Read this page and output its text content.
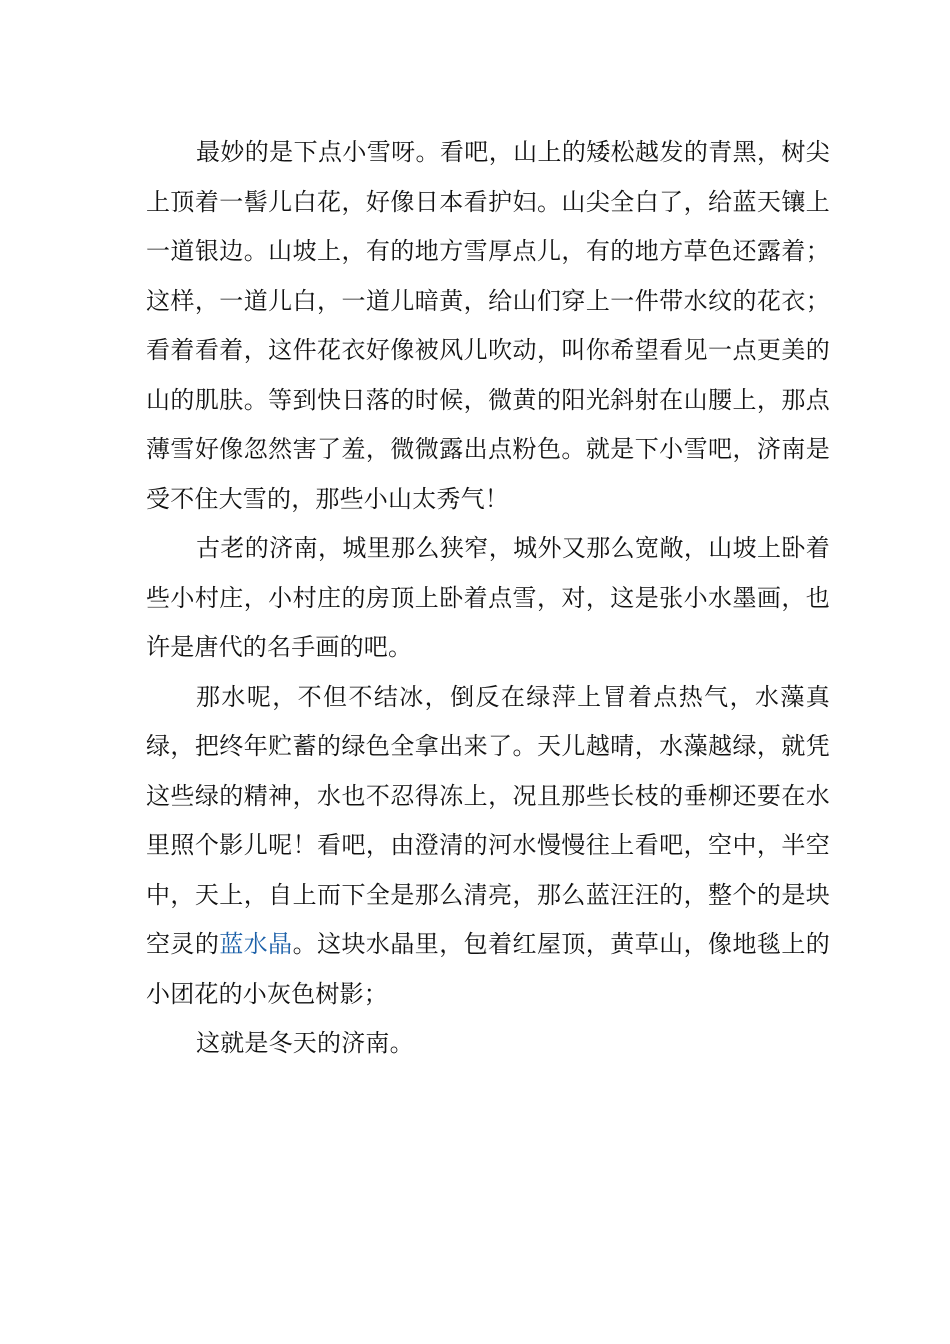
最妙的是下点小雪呀。看吧，山上的矮松越发的青黑，树尖上顶着一髻儿白花，好像日本看护妇。山尖全白了，给蓝天镶上一道银边。山坡上，有的地方雪厚点儿，有的地方草色还露着；这样，一道儿白，一道儿暗黄，给山们穿上一件带水纹的花衣；看着看着，这件花衣好像被风儿吹动，叫你希望看见一点更美的山的肌肤。等到快日落的时候，微黄的阳光斜射在山腰上，那点薄雪好像忽然害了羞，微微露出点粉色。就是下小雪吧，济南是受不住大雪的，那些小山太秀气！

古老的济南，城里那么狭窄，城外又那么宽敞，山坡上卧着些小村庄，小村庄的房顶上卧着点雪，对，这是张小水墨画，也许是唐代的名手画的吧。

那水呢，不但不结冰，倒反在绿萍上冒着点热气，水藻真绿，把终年贮蓄的绿色全拿出来了。天儿越晴，水藻越绿，就凭这些绿的精神，水也不忍得冻上，况且那些长枝的垂柳还要在水里照个影儿呢！看吧，由澄清的河水慢慢往上看吧，空中，半空中，天上，自上而下全是那么清亮，那么蓝汪汪的，整个的是块空灵的蓝水晶。这块水晶里，包着红屋顶，黄草山，像地毯上的小团花的小灰色树影；

这就是冬天的济南。
